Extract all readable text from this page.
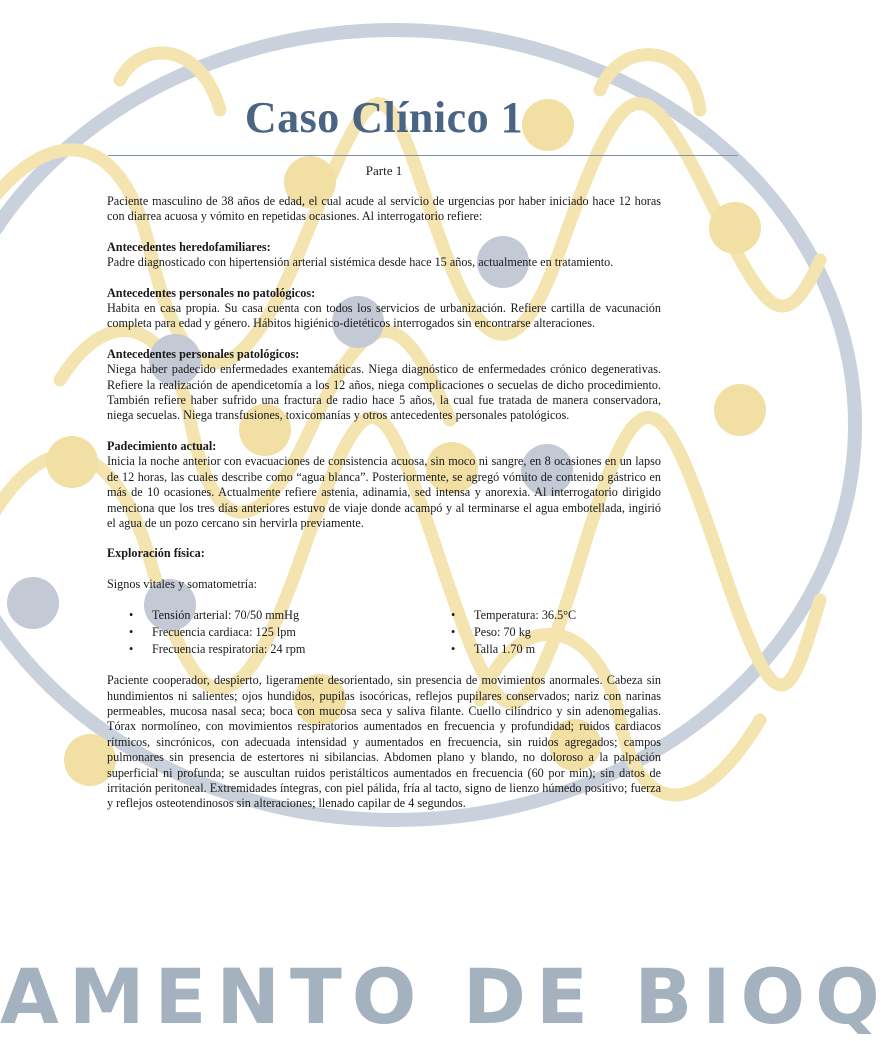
Caso Clínico 1
Parte 1

Paciente masculino de 38 años de edad, el cual acude al servicio de urgencias por haber iniciado hace 12 horas con diarrea acuosa y vómito en repetidas ocasiones. Al interrogatorio refiere:

Antecedentes heredofamiliares:
Padre diagnosticado con hipertensión arterial sistémica desde hace 15 años, actualmente en tratamiento.

Antecedentes personales no patológicos:
Habita en casa propia. Su casa cuenta con todos los servicios de urbanización. Refiere cartilla de vacunación completa para edad y género. Hábitos higiénico-dietéticos interrogados sin encontrarse alteraciones.

Antecedentes personales patológicos:
Niega haber padecido enfermedades exantemáticas. Niega diagnóstico de enfermedades crónico degenerativas. Refiere la realización de apendicetomía a los 12 años, niega complicaciones o secuelas de dicho procedimiento. También refiere haber sufrido una fractura de radio hace 5 años, la cual fue tratada de manera conservadora, niega secuelas. Niega transfusiones, toxicomanías y otros antecedentes personales patológicos.

Padecimiento actual:
Inicia la noche anterior con evacuaciones de consistencia acuosa, sin moco ni sangre, en 8 ocasiones en un lapso de 12 horas, las cuales describe como “agua blanca”. Posteriormente, se agregó vómito de contenido gástrico en más de 10 ocasiones. Actualmente refiere astenia, adinamia, sed intensa y anorexia. Al interrogatorio dirigido menciona que los tres días anteriores estuvo de viaje donde acampó y al terminarse el agua embotellada, ingirió el agua de un pozo cercano sin hervirla previamente.

Exploración física:

Signos vitales y somatometría:

• Tensión arterial: 70/50 mmHg
• Frecuencia cardiaca: 125 lpm
• Frecuencia respiratoria: 24 rpm
• Temperatura: 36.5°C
• Peso: 70 kg
• Talla 1.70 m

Paciente cooperador, despierto, ligeramente desorientado, sin presencia de movimientos anormales. Cabeza sin hundimientos ni salientes; ojos hundidos, pupilas isocóricas, reflejos pupilares conservados; nariz con narinas permeables, mucosa nasal seca; boca con mucosa seca y saliva filante. Cuello cilíndrico y sin adenomegalias. Tórax normolíneo, con movimientos respiratorios aumentados en frecuencia y profundidad; ruidos cardiacos rítmicos, sincrónicos, con adecuada intensidad y aumentados en frecuencia, sin ruidos agregados; campos pulmonares sin presencia de estertores ni sibilancias. Abdomen plano y blando, no doloroso a la palpación superficial ni profunda; se auscultan ruidos peristálticos aumentados en frecuencia (60 por min); sin datos de irritación peritoneal. Extremidades íntegras, con piel pálida, fría al tacto, signo de lienzo húmedo positivo; fuerza y reflejos osteotendinosos sin alteraciones; llenado capilar de 4 segundos.

AMENTO DE BIOQ
